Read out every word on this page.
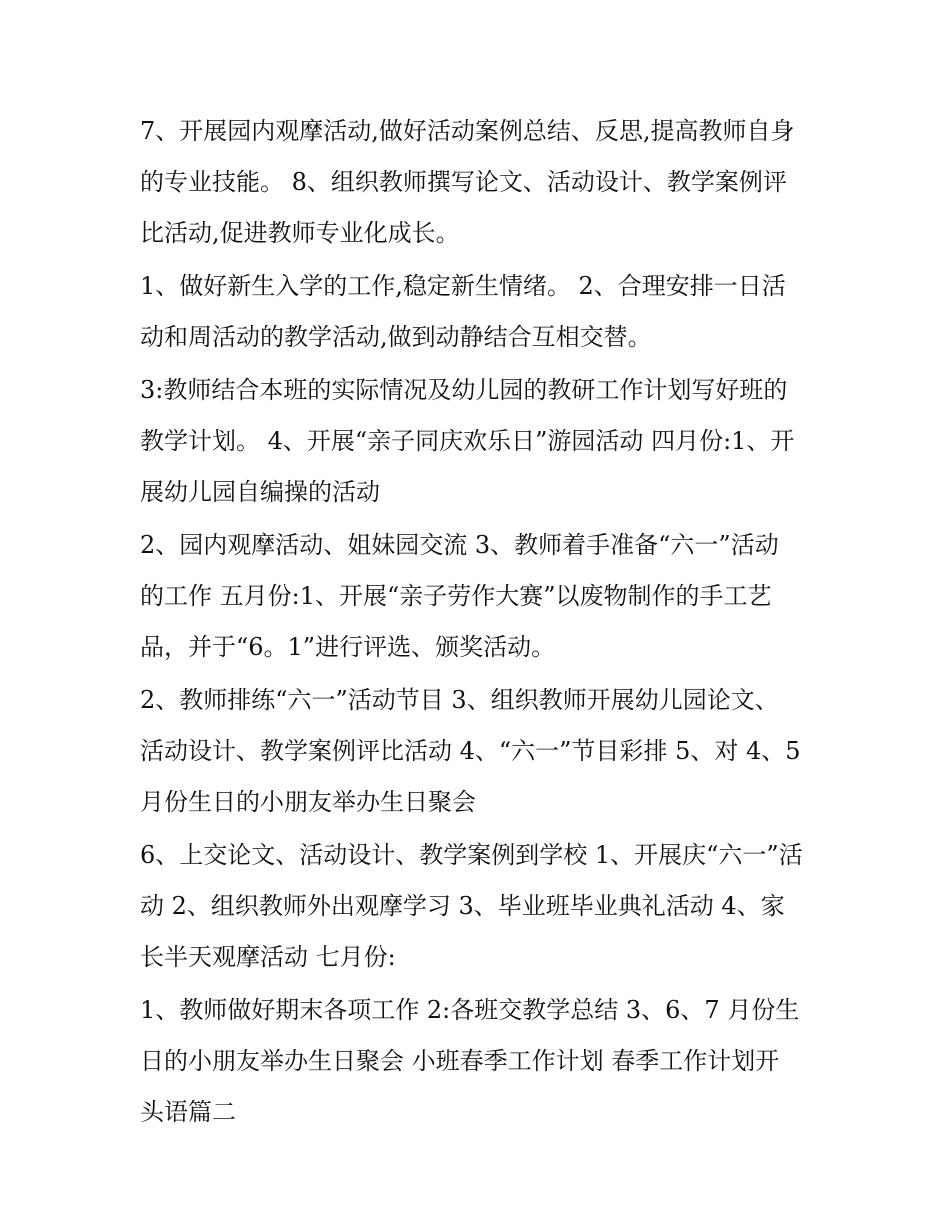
7、开展园内观摩活动,做好活动案例总结、反思,提高教师自身
的专业技能。 8、组织教师撰写论文、活动设计、教学案例评
比活动,促进教师专业化成长。
1、做好新生入学的工作,稳定新生情绪。 2、合理安排一日活
动和周活动的教学活动,做到动静结合互相交替。
3:教师结合本班的实际情况及幼儿园的教研工作计划写好班的
教学计划。 4、开展“亲子同庆欢乐日”游园活动 四月份:1、开
展幼儿园自编操的活动
2、园内观摩活动、姐妹园交流 3、教师着手准备“六一”活动
的工作 五月份:1、开展“亲子劳作大赛”以废物制作的手工艺
品，并于“6。1”进行评选、颁奖活动。
2、教师排练“六一”活动节目 3、组织教师开展幼儿园论文、
活动设计、教学案例评比活动 4、“六一”节目彩排 5、对 4、5
月份生日的小朋友举办生日聚会
6、上交论文、活动设计、教学案例到学校 1、开展庆“六一”活
动 2、组织教师外出观摩学习 3、毕业班毕业典礼活动 4、家
长半天观摩活动 七月份:
1、教师做好期末各项工作 2:各班交教学总结 3、6、7 月份生
日的小朋友举办生日聚会 小班春季工作计划 春季工作计划开
头语篇二
